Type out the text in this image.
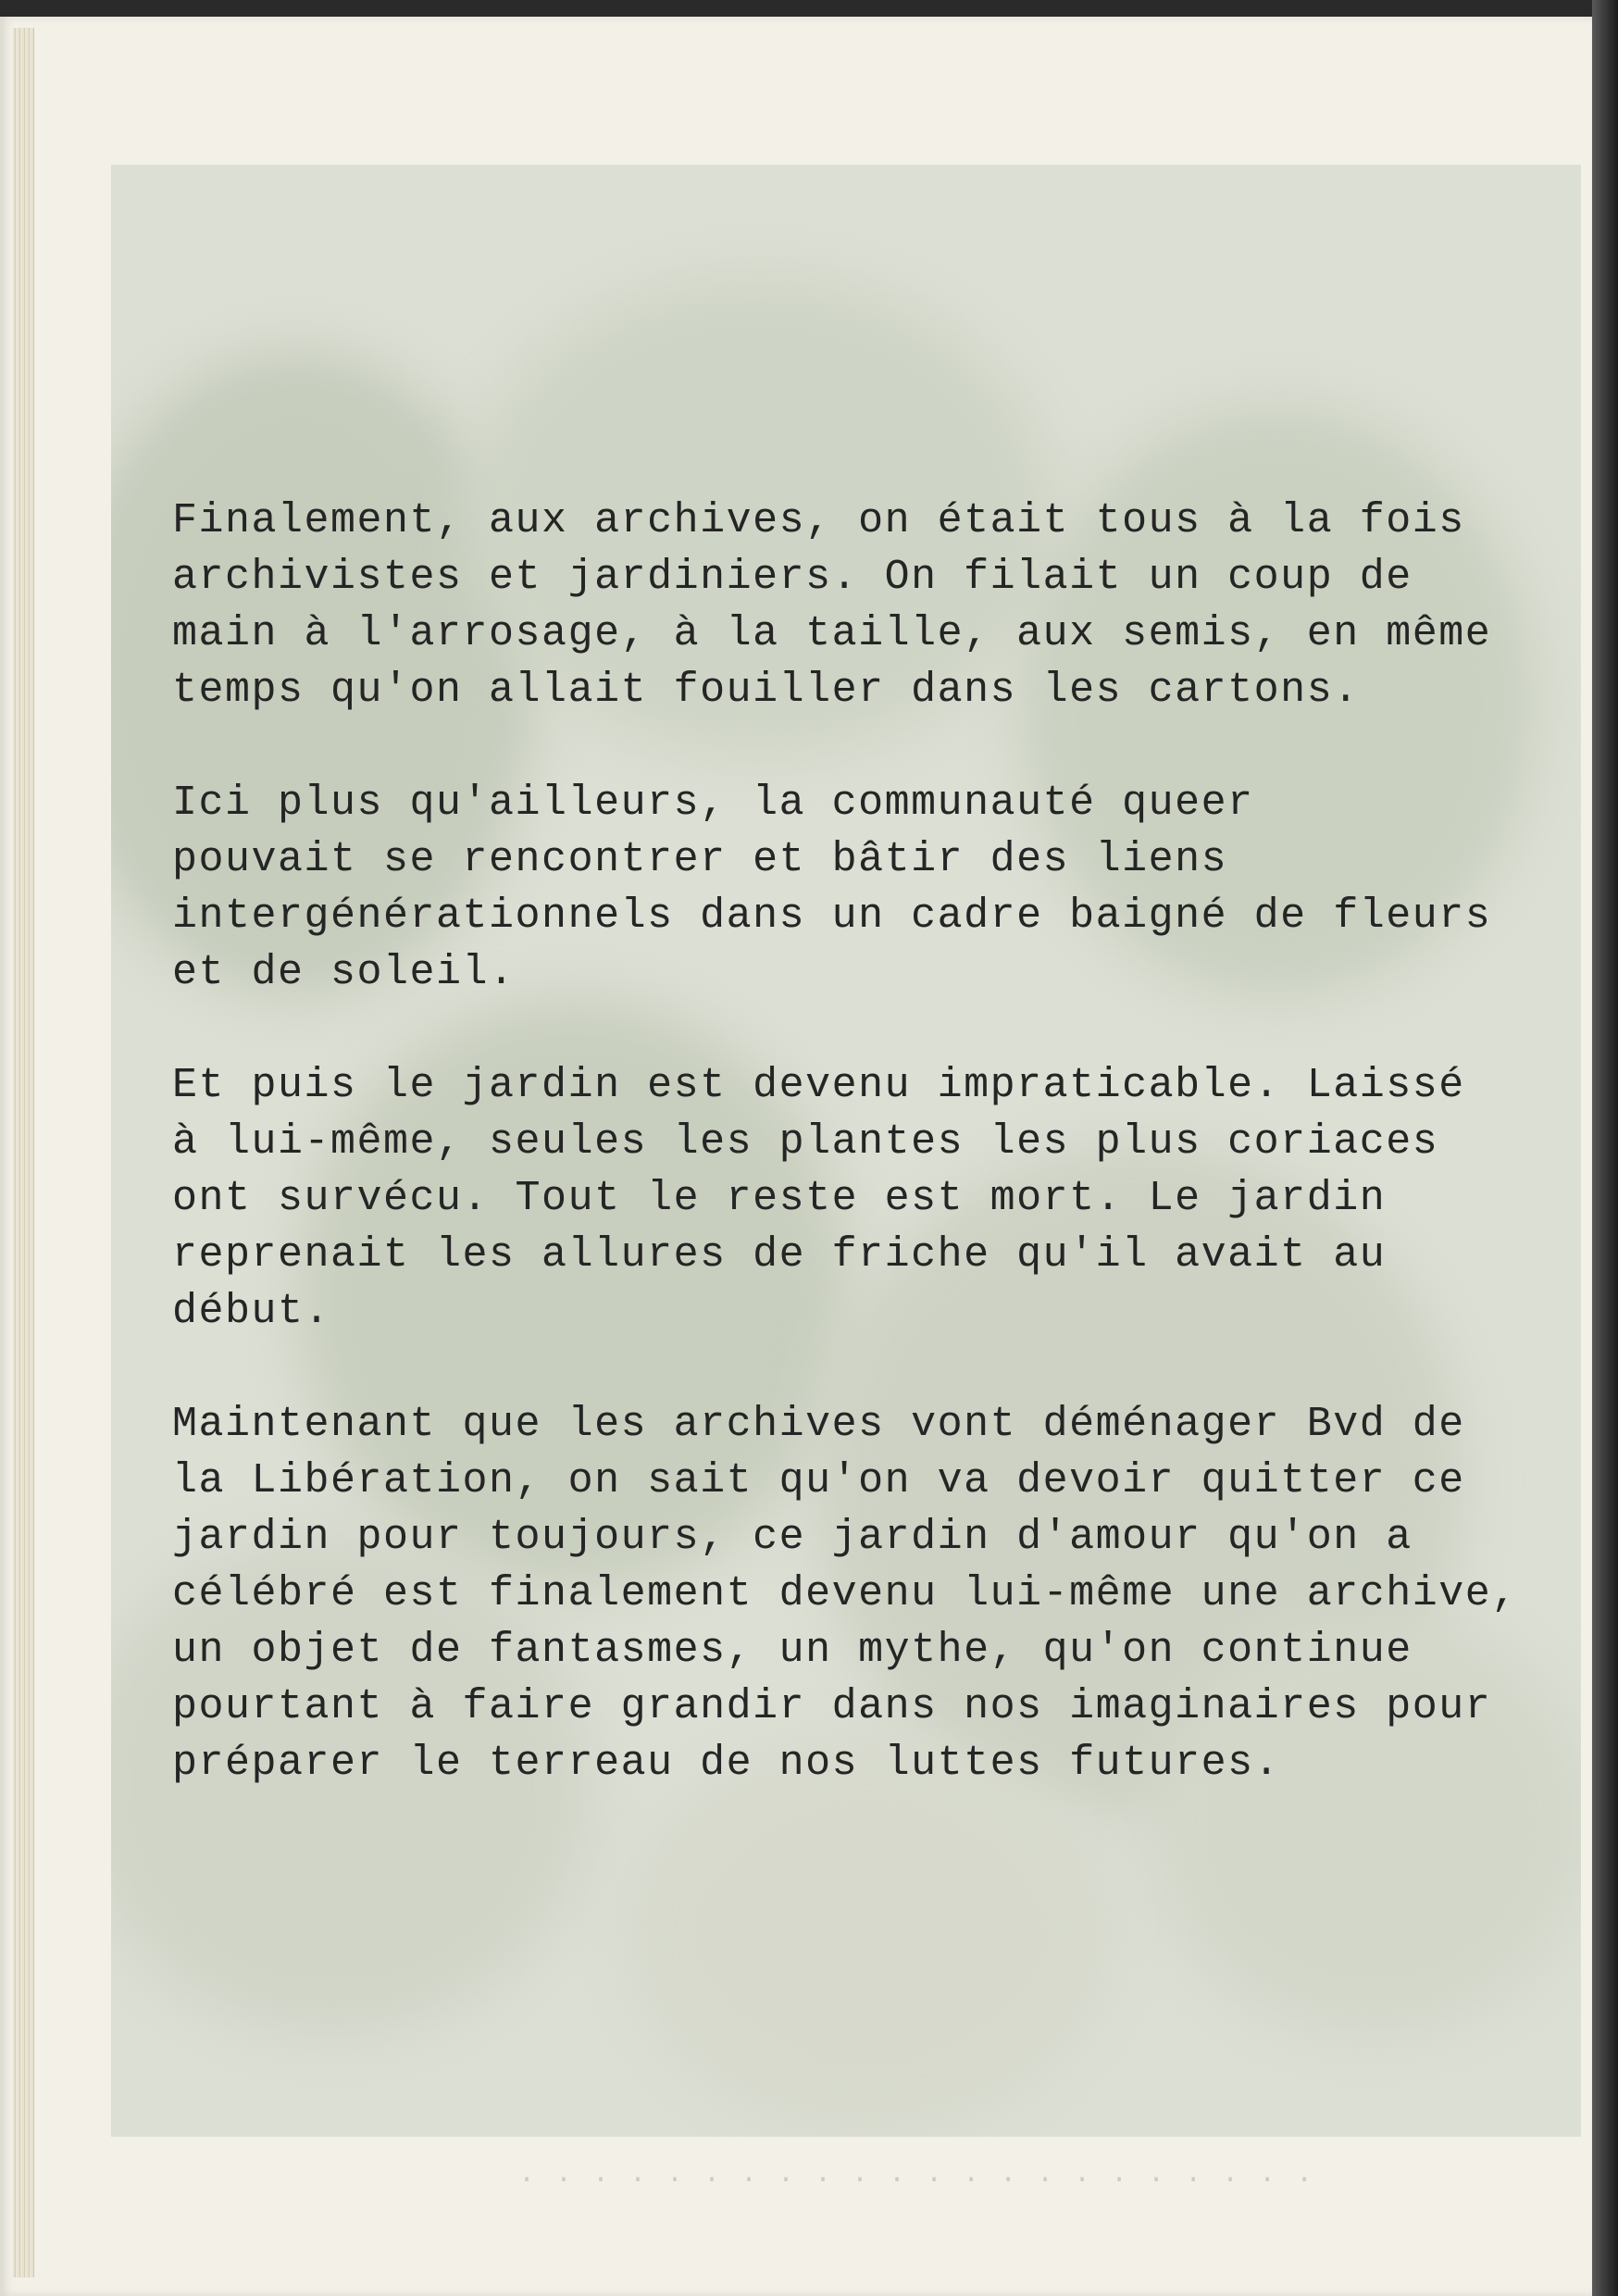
Finalement, aux archives, on était tous à la fois
archivistes et jardiniers. On filait un coup de
main à l'arrosage, à la taille, aux semis, en même
temps qu'on allait fouiller dans les cartons.

Ici plus qu'ailleurs, la communauté queer
pouvait se rencontrer et bâtir des liens
intergénérationnels dans un cadre baigné de fleurs
et de soleil.

Et puis le jardin est devenu impraticable. Laissé
à lui-même, seules les plantes les plus coriaces
ont survécu. Tout le reste est mort. Le jardin
reprenait les allures de friche qu'il avait au
début.

Maintenant que les archives vont déménager Bvd de
la Libération, on sait qu'on va devoir quitter ce
jardin pour toujours, ce jardin d'amour qu'on a
célébré est finalement devenu lui-même une archive,
un objet de fantasmes, un mythe, qu'on continue
pourtant à faire grandir dans nos imaginaires pour
préparer le terreau de nos luttes futures.

· · · · · · · · · · · · · · · · · · · · · ·
